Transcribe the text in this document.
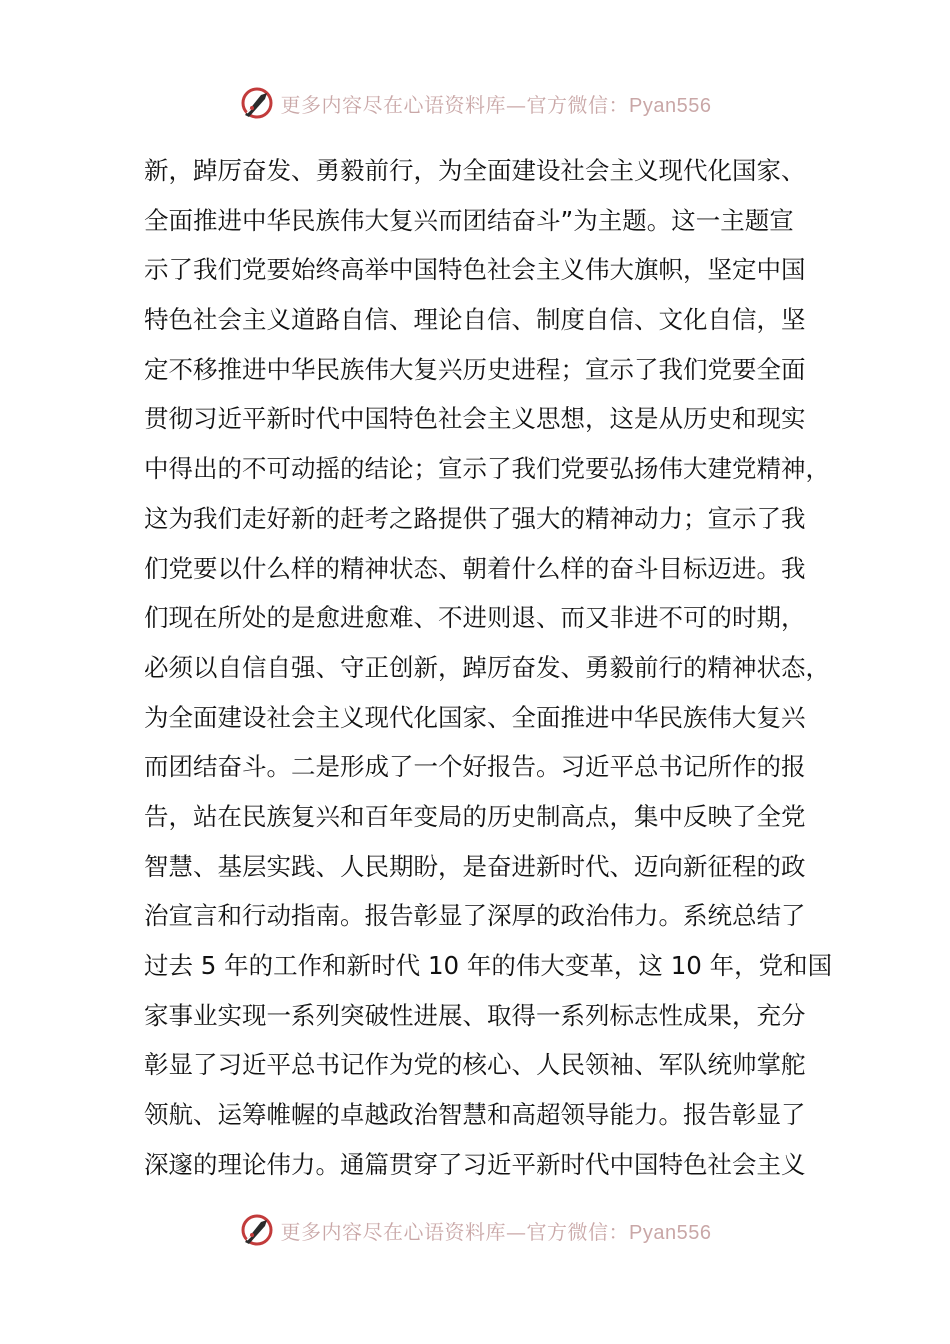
更多内容尽在心语资料库—官方微信：Pyan556
新，踔厉奋发、勇毅前行，为全面建设社会主义现代化国家、
全面推进中华民族伟大复兴而团结奋斗”为主题。这一主题宣
示了我们党要始终高举中国特色社会主义伟大旗帜，坚定中国
特色社会主义道路自信、理论自信、制度自信、文化自信，坚
定不移推进中华民族伟大复兴历史进程；宣示了我们党要全面
贯彻习近平新时代中国特色社会主义思想，这是从历史和现实
中得出的不可动摇的结论；宣示了我们党要弘扬伟大建党精神，
这为我们走好新的赶考之路提供了强大的精神动力；宣示了我
们党要以什么样的精神状态、朝着什么样的奋斗目标迈进。我
们现在所处的是愈进愈难、不进则退、而又非进不可的时期，
必须以自信自强、守正创新，踔厉奋发、勇毅前行的精神状态，
为全面建设社会主义现代化国家、全面推进中华民族伟大复兴
而团结奋斗。二是形成了一个好报告。习近平总书记所作的报
告，站在民族复兴和百年变局的历史制高点，集中反映了全党
智慧、基层实践、人民期盼，是奋进新时代、迈向新征程的政
治宣言和行动指南。报告彰显了深厚的政治伟力。系统总结了
过去 5 年的工作和新时代 10 年的伟大变革，这 10 年，党和国
家事业实现一系列突破性进展、取得一系列标志性成果，充分
彰显了习近平总书记作为党的核心、人民领袖、军队统帅掌舵
领航、运筹帷幄的卓越政治智慧和高超领导能力。报告彰显了
深邃的理论伟力。通篇贯穿了习近平新时代中国特色社会主义
更多内容尽在心语资料库—官方微信：Pyan556
